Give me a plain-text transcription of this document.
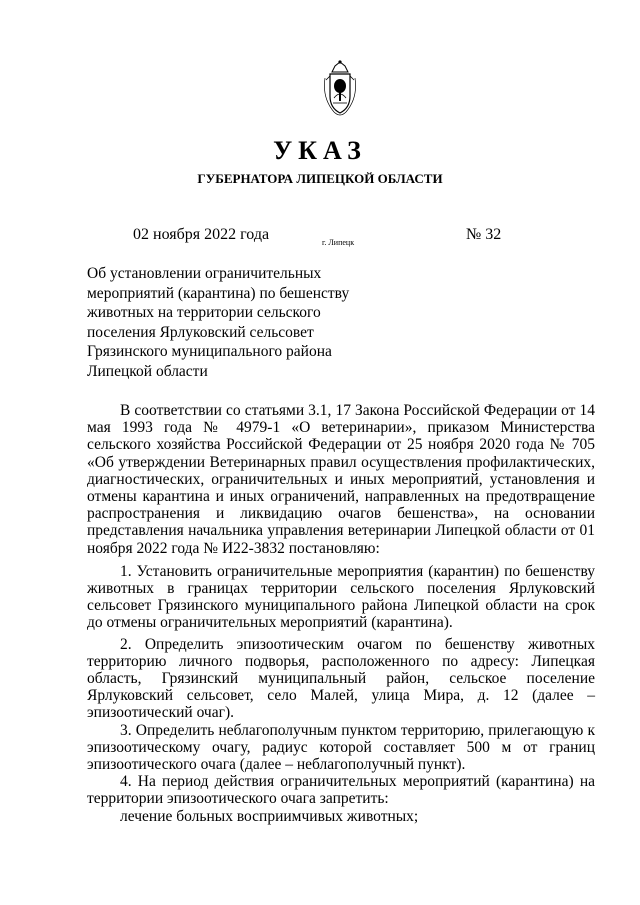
УКАЗ
ГУБЕРНАТОРА ЛИПЕЦКОЙ ОБЛАСТИ
02 ноября 2022 года	г. Липецк	№ 32

Об установлении ограничительных мероприятий (карантина) по бешенству животных на территории сельского поселения Ярлуковский сельсовет Грязинского муниципального района Липецкой области

В соответствии со статьями 3.1, 17 Закона Российской Федерации от 14 мая 1993 года № 4979-1 «О ветеринарии», приказом Министерства сельского хозяйства Российской Федерации от 25 ноября 2020 года № 705 «Об утверждении Ветеринарных правил осуществления профилактических, диагностических, ограничительных и иных мероприятий, установления и отмены карантина и иных ограничений, направленных на предотвращение распространения и ликвидацию очагов бешенства», на основании представления начальника управления ветеринарии Липецкой области от 01 ноября 2022 года № И22-3832 постановляю:

1. Установить ограничительные мероприятия (карантин) по бешенству животных в границах территории сельского поселения Ярлуковский сельсовет Грязинского муниципального района Липецкой области на срок до отмены ограничительных мероприятий (карантина).

2. Определить эпизоотическим очагом по бешенству животных территорию личного подворья, расположенного по адресу: Липецкая область, Грязинский муниципальный район, сельское поселение Ярлуковский сельсовет, село Малей, улица Мира, д. 12 (далее – эпизоотический очаг).

3. Определить неблагополучным пунктом территорию, прилегающую к эпизоотическому очагу, радиус которой составляет 500 м от границ эпизоотического очага (далее – неблагополучный пункт).

4. На период действия ограничительных мероприятий (карантина) на территории эпизоотического очага запретить:

лечение больных восприимчивых животных;
